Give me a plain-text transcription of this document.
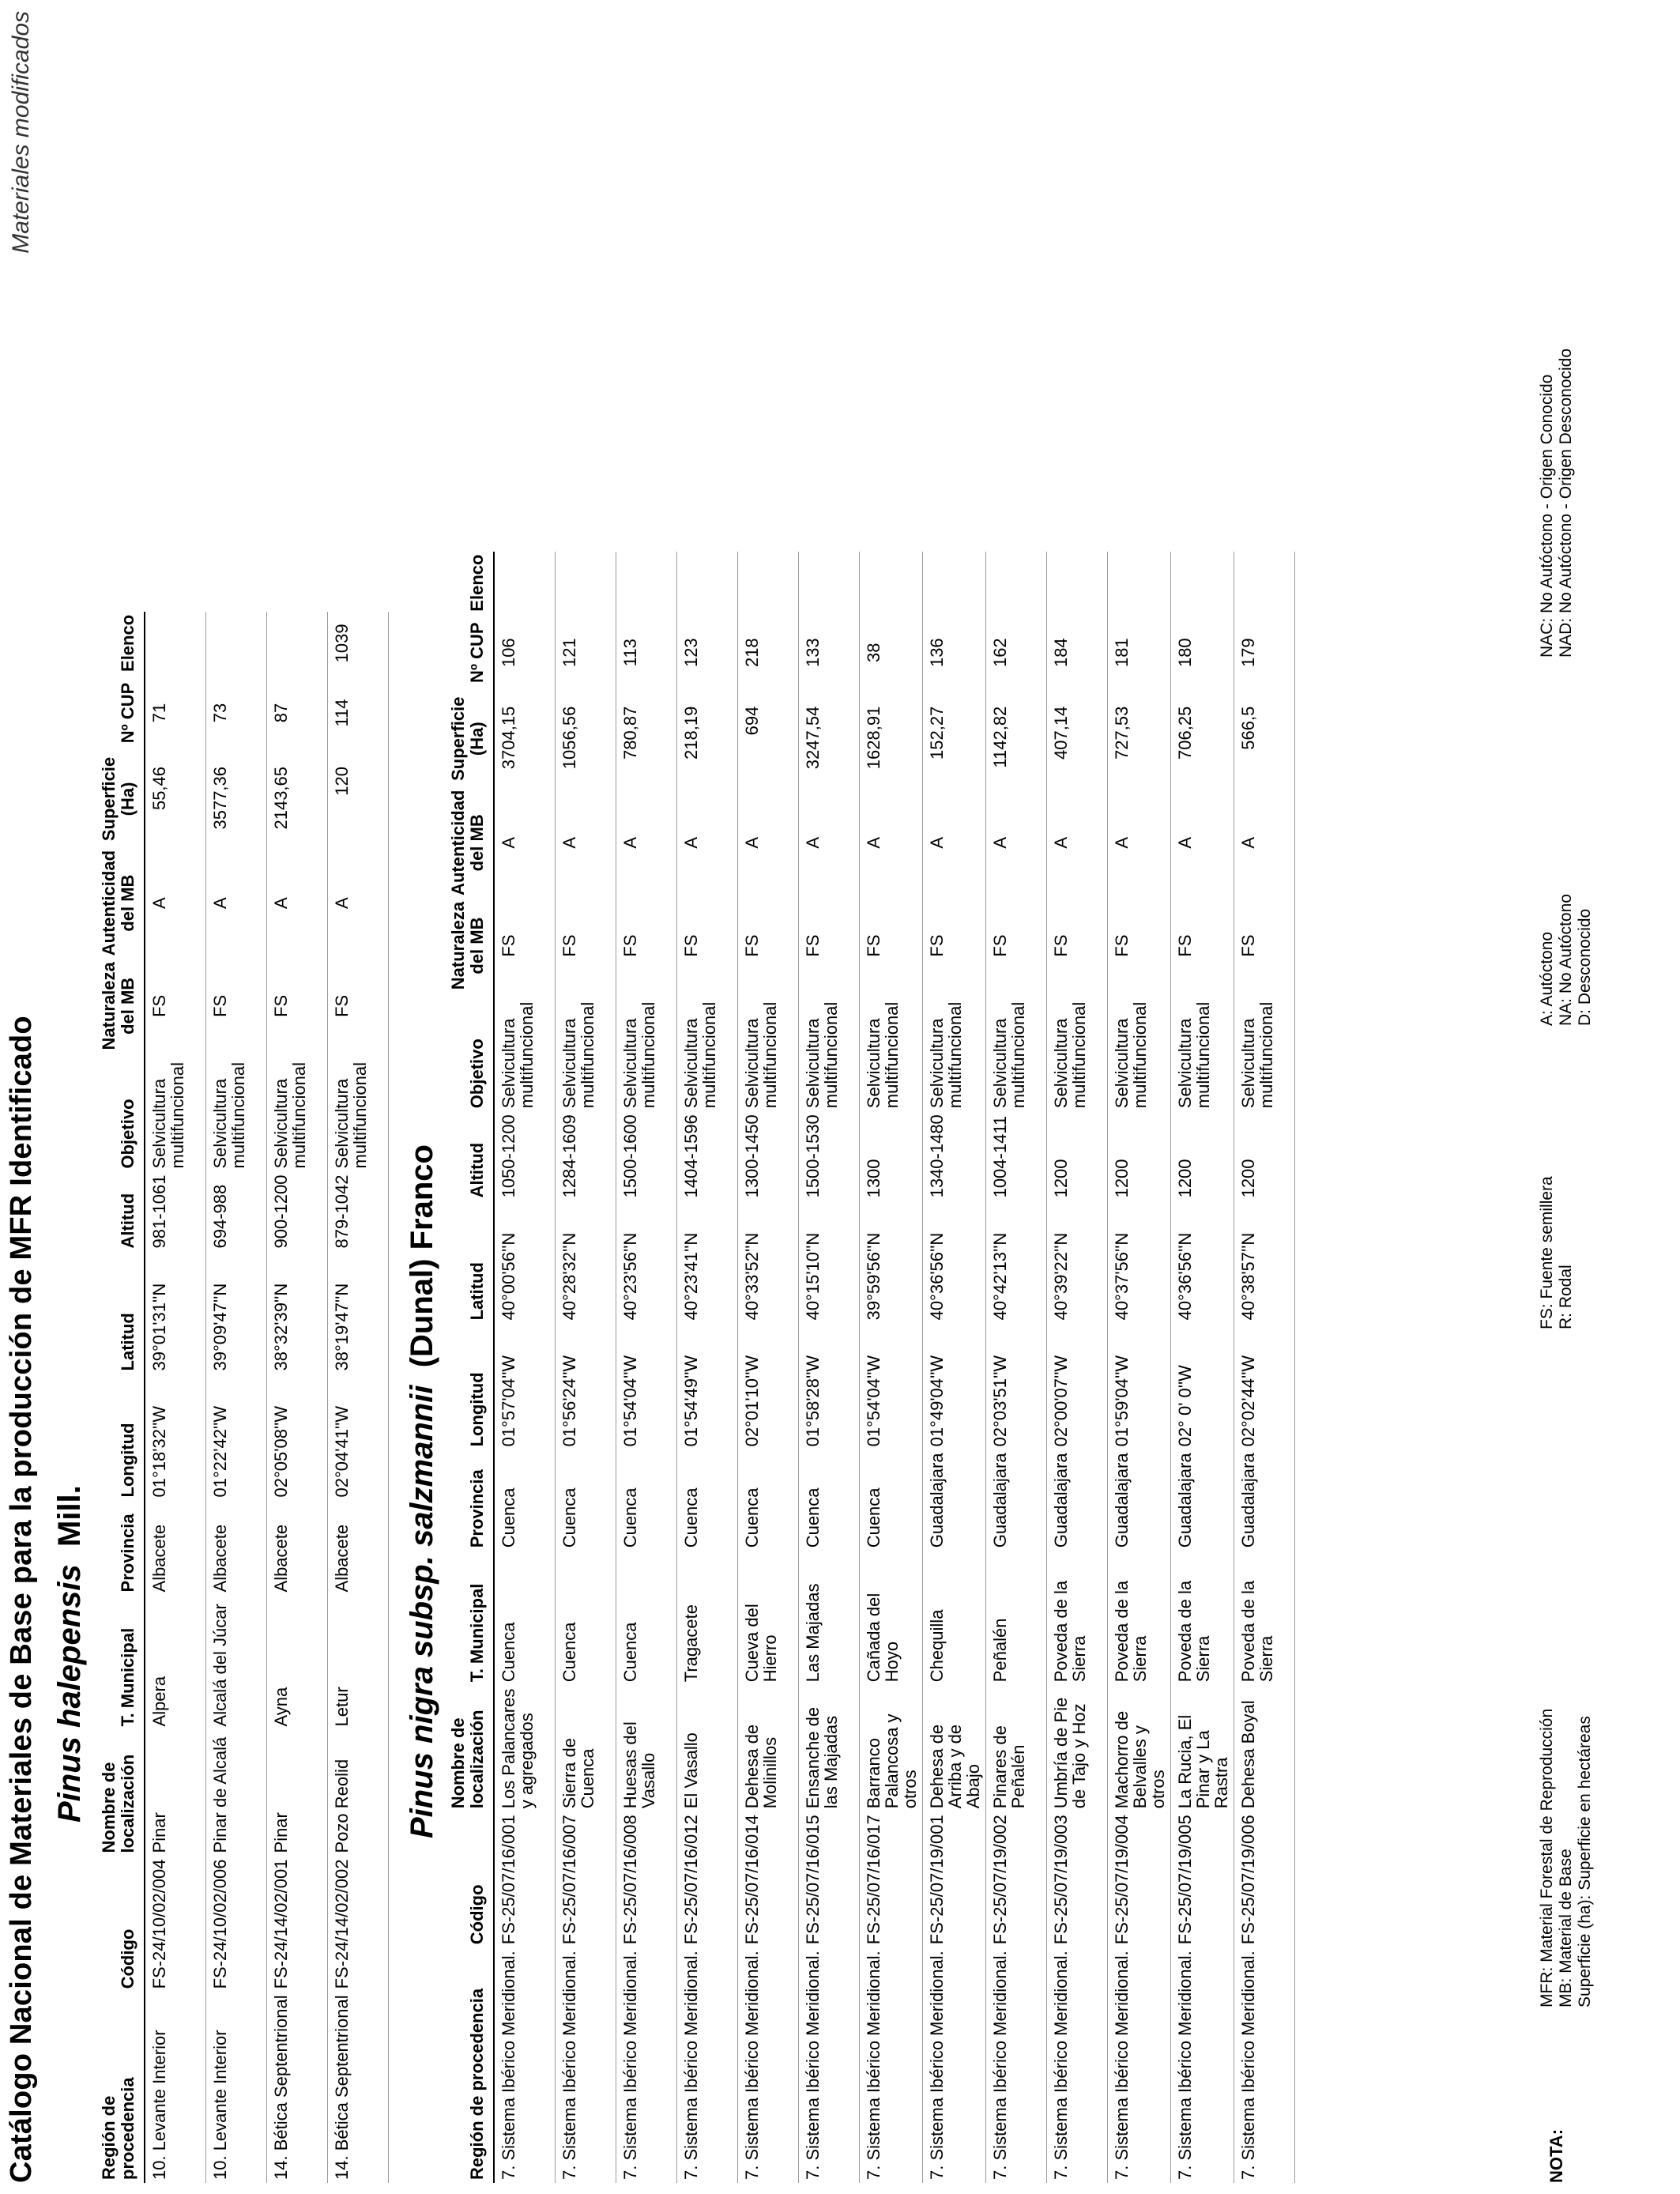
Catálogo Nacional de Materiales de Base para la producción de MFR Identificado
Materiales modificados
Pinus halepensis  Mill.
Región de procedencia	Código	Nombre de localización	T. Municipal	Provincia	Longitud	Latitud	Altitud	Objetivo	Naturaleza del MB	Autenticidad del MB	Superficie (Ha)	Nº CUP	Elenco
10. Levante Interior	FS-24/10/02/004	Pinar	Alpera	Albacete	01°18'32''W	39°01'31''N	981-1061	Selvicultura multifuncional	FS	A	55,46	71	
10. Levante Interior	FS-24/10/02/006	Pinar de Alcalá	Alcalá del Júcar	Albacete	01°22'42''W	39°09'47''N	694-988	Selvicultura multifuncional	FS	A	3577,36	73	
14. Bética Septentrional	FS-24/14/02/001	Pinar	Ayna	Albacete	02°05'08''W	38°32'39''N	900-1200	Selvicultura multifuncional	FS	A	2143,65	87	
14. Bética Septentrional	FS-24/14/02/002	Pozo Reolid	Letur	Albacete	02°04'41''W	38°19'47''N	879-1042	Selvicultura multifuncional	FS	A	120	114	1039
Pinus nigra subsp. salzmannii  (Dunal) Franco
Región de procedencia	Código	Nombre de localización	T. Municipal	Provincia	Longitud	Latitud	Altitud	Objetivo	Naturaleza del MB	Autenticidad del MB	Superficie (Ha)	Nº CUP	Elenco
7. Sistema Ibérico Meridional.	FS-25/07/16/001	Los Palancares y agregados	Cuenca	Cuenca	01°57'04''W	40°00'56''N	1050-1200	Selvicultura multifuncional	FS	A	3704,15	106	
7. Sistema Ibérico Meridional.	FS-25/07/16/007	Sierra de Cuenca	Cuenca	Cuenca	01°56'24''W	40°28'32''N	1284-1609	Selvicultura multifuncional	FS	A	1056,56	121	
7. Sistema Ibérico Meridional.	FS-25/07/16/008	Huesas del Vasallo	Cuenca	Cuenca	01°54'04''W	40°23'56''N	1500-1600	Selvicultura multifuncional	FS	A	780,87	113	
7. Sistema Ibérico Meridional.	FS-25/07/16/012	El Vasallo	Tragacete	Cuenca	01°54'49''W	40°23'41''N	1404-1596	Selvicultura multifuncional	FS	A	218,19	123	
7. Sistema Ibérico Meridional.	FS-25/07/16/014	Dehesa de Molinillos	Cueva del Hierro	Cuenca	02°01'10''W	40°33'52''N	1300-1450	Selvicultura multifuncional	FS	A	694	218	
7. Sistema Ibérico Meridional.	FS-25/07/16/015	Ensanche de las Majadas	Las Majadas	Cuenca	01°58'28''W	40°15'10''N	1500-1530	Selvicultura multifuncional	FS	A	3247,54	133	
7. Sistema Ibérico Meridional.	FS-25/07/16/017	Barranco Palancosa y otros	Cañada del Hoyo	Cuenca	01°54'04''W	39°59'56''N	1300	Selvicultura multifuncional	FS	A	1628,91	38	
7. Sistema Ibérico Meridional.	FS-25/07/19/001	Dehesa de Arriba y de Abajo	Chequilla	Guadalajara	01°49'04''W	40°36'56''N	1340-1480	Selvicultura multifuncional	FS	A	152,27	136	
7. Sistema Ibérico Meridional.	FS-25/07/19/002	Pinares de Peñalén	Peñalén	Guadalajara	02°03'51''W	40°42'13''N	1004-1411	Selvicultura multifuncional	FS	A	1142,82	162	
7. Sistema Ibérico Meridional.	FS-25/07/19/003	Umbría de Pie de Tajo y Hoz	Poveda de la Sierra	Guadalajara	02°00'07''W	40°39'22''N	1200	Selvicultura multifuncional	FS	A	407,14	184	
7. Sistema Ibérico Meridional.	FS-25/07/19/004	Machorro de Belvalles y otros	Poveda de la Sierra	Guadalajara	01°59'04''W	40°37'56''N	1200	Selvicultura multifuncional	FS	A	727,53	181	
7. Sistema Ibérico Meridional.	FS-25/07/19/005	La Rucia, El Pinar y La Rastra	Poveda de la Sierra	Guadalajara	02° 0' 0''W	40°36'56''N	1200	Selvicultura multifuncional	FS	A	706,25	180	
7. Sistema Ibérico Meridional.	FS-25/07/19/006	Dehesa Boyal	Poveda de la Sierra	Guadalajara	02°02'44''W	40°38'57''N	1200	Selvicultura multifuncional	FS	A	566,5	179	
NOTA:
MFR: Material Forestal de Reproducción MB: Material de Base Superficie (ha): Superficie en hectáreas
FS: Fuente semillera R: Rodal
A: Autóctono NA: No Autóctono D: Desconocido
NAC: No Autóctono - Origen Conocido NAD: No Autóctono - Origen Desconocido
